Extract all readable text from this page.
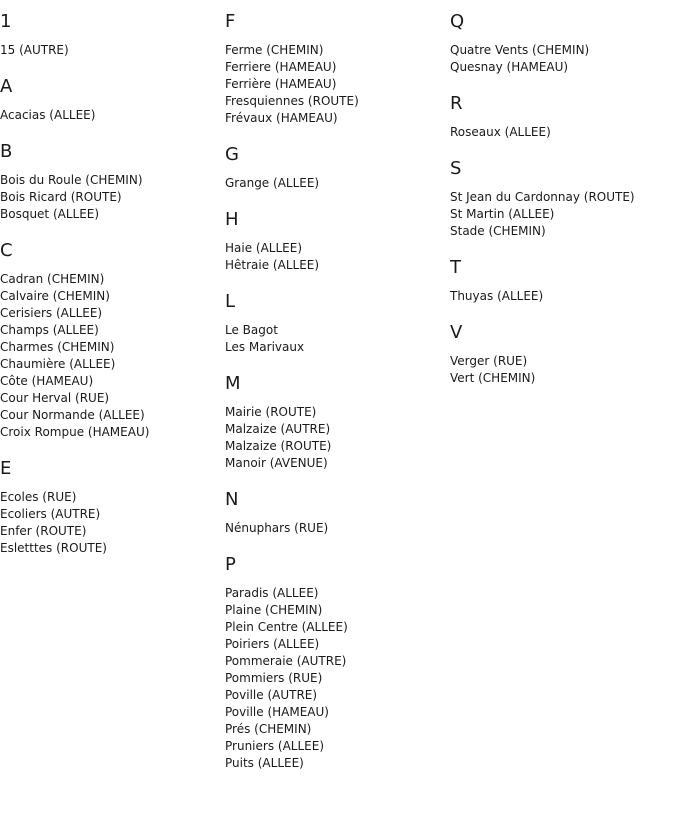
1
15 (AUTRE)
A
Acacias (ALLEE)
B
Bois du Roule (CHEMIN)
Bois Ricard (ROUTE)
Bosquet (ALLEE)
C
Cadran (CHEMIN)
Calvaire (CHEMIN)
Cerisiers (ALLEE)
Champs (ALLEE)
Charmes (CHEMIN)
Chaumière (ALLEE)
Côte (HAMEAU)
Cour Herval (RUE)
Cour Normande (ALLEE)
Croix Rompue (HAMEAU)
E
Ecoles (RUE)
Ecoliers (AUTRE)
Enfer (ROUTE)
Esletttes (ROUTE)
F
Ferme (CHEMIN)
Ferriere (HAMEAU)
Ferrière (HAMEAU)
Fresquiennes (ROUTE)
Frévaux (HAMEAU)
G
Grange (ALLEE)
H
Haie (ALLEE)
Hêtraie (ALLEE)
L
Le Bagot
Les Marivaux
M
Mairie (ROUTE)
Malzaize (AUTRE)
Malzaize (ROUTE)
Manoir (AVENUE)
N
Nénuphars (RUE)
P
Paradis (ALLEE)
Plaine (CHEMIN)
Plein Centre (ALLEE)
Poiriers (ALLEE)
Pommeraie (AUTRE)
Pommiers (RUE)
Poville (AUTRE)
Poville (HAMEAU)
Prés (CHEMIN)
Pruniers (ALLEE)
Puits (ALLEE)
Q
Quatre Vents (CHEMIN)
Quesnay (HAMEAU)
R
Roseaux (ALLEE)
S
St Jean du Cardonnay (ROUTE)
St Martin (ALLEE)
Stade (CHEMIN)
T
Thuyas (ALLEE)
V
Verger (RUE)
Vert (CHEMIN)
